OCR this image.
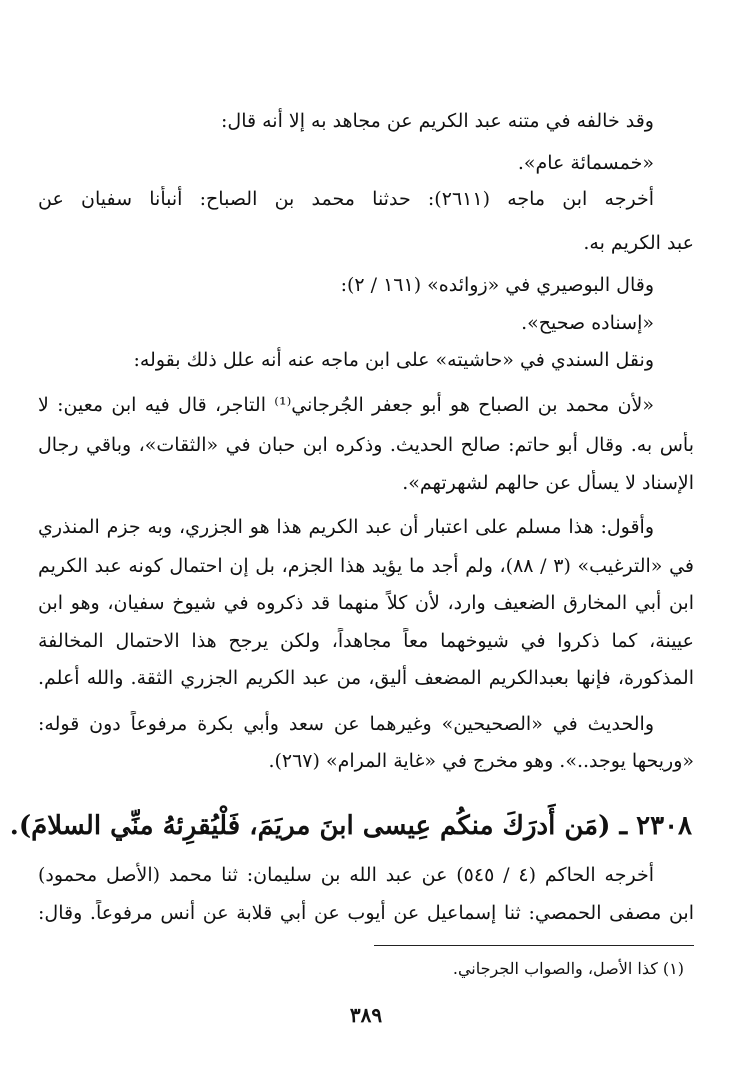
وقد خالفه في متنه عبد الكريم عن مجاهد به إلا أنه قال:
«خمسمائة عام».
أخرجه ابن ماجه (٢٦١١): حدثنا محمد بن الصباح: أنبأنا سفيان عن
عبد الكريم به.
وقال البوصيري في «زوائده» (١٦١ / ٢):
«إسناده صحيح».
ونقل السندي في «حاشيته» على ابن ماجه عنه أنه علل ذلك بقوله:
«لأن محمد بن الصباح هو أبو جعفر الجُرجاني⁽¹⁾ التاجر، قال فيه ابن معين: لا
بأس به. وقال أبو حاتم: صالح الحديث. وذكره ابن حبان في «الثقات»، وباقي رجال
الإسناد لا يسأل عن حالهم لشهرتهم».
وأقول: هذا مسلم على اعتبار أن عبد الكريم هذا هو الجزري، وبه جزم المنذري
في «الترغيب» (٣ / ٨٨)، ولم أجد ما يؤيد هذا الجزم، بل إن احتمال كونه عبد الكريم
ابن أبي المخارق الضعيف وارد، لأن كلاً منهما قد ذكروه في شيوخ سفيان، وهو ابن
عيينة، كما ذكروا في شيوخهما معاً مجاهداً، ولكن يرجح هذا الاحتمال المخالفة
المذكورة، فإنها بعبدالكريم المضعف أليق، من عبد الكريم الجزري الثقة. والله أعلم.
والحديث في «الصحيحين» وغيرهما عن سعد وأبي بكرة مرفوعاً دون قوله:
«وريحها يوجد..». وهو مخرج في «غاية المرام» (٢٦٧).
٢٣٠٨ ـ (مَن أَدرَكَ منكُم عِيسى ابنَ مريَمَ، فَلْيُقرِئهُ منِّي السلامَ).
أخرجه الحاكم (٤ / ٥٤٥) عن عبد الله بن سليمان: ثنا محمد (الأصل محمود)
ابن مصفى الحمصي: ثنا إسماعيل عن أيوب عن أبي قلابة عن أنس مرفوعاً. وقال:
(١) كذا الأصل، والصواب الجرجاني.
٣٨٩
